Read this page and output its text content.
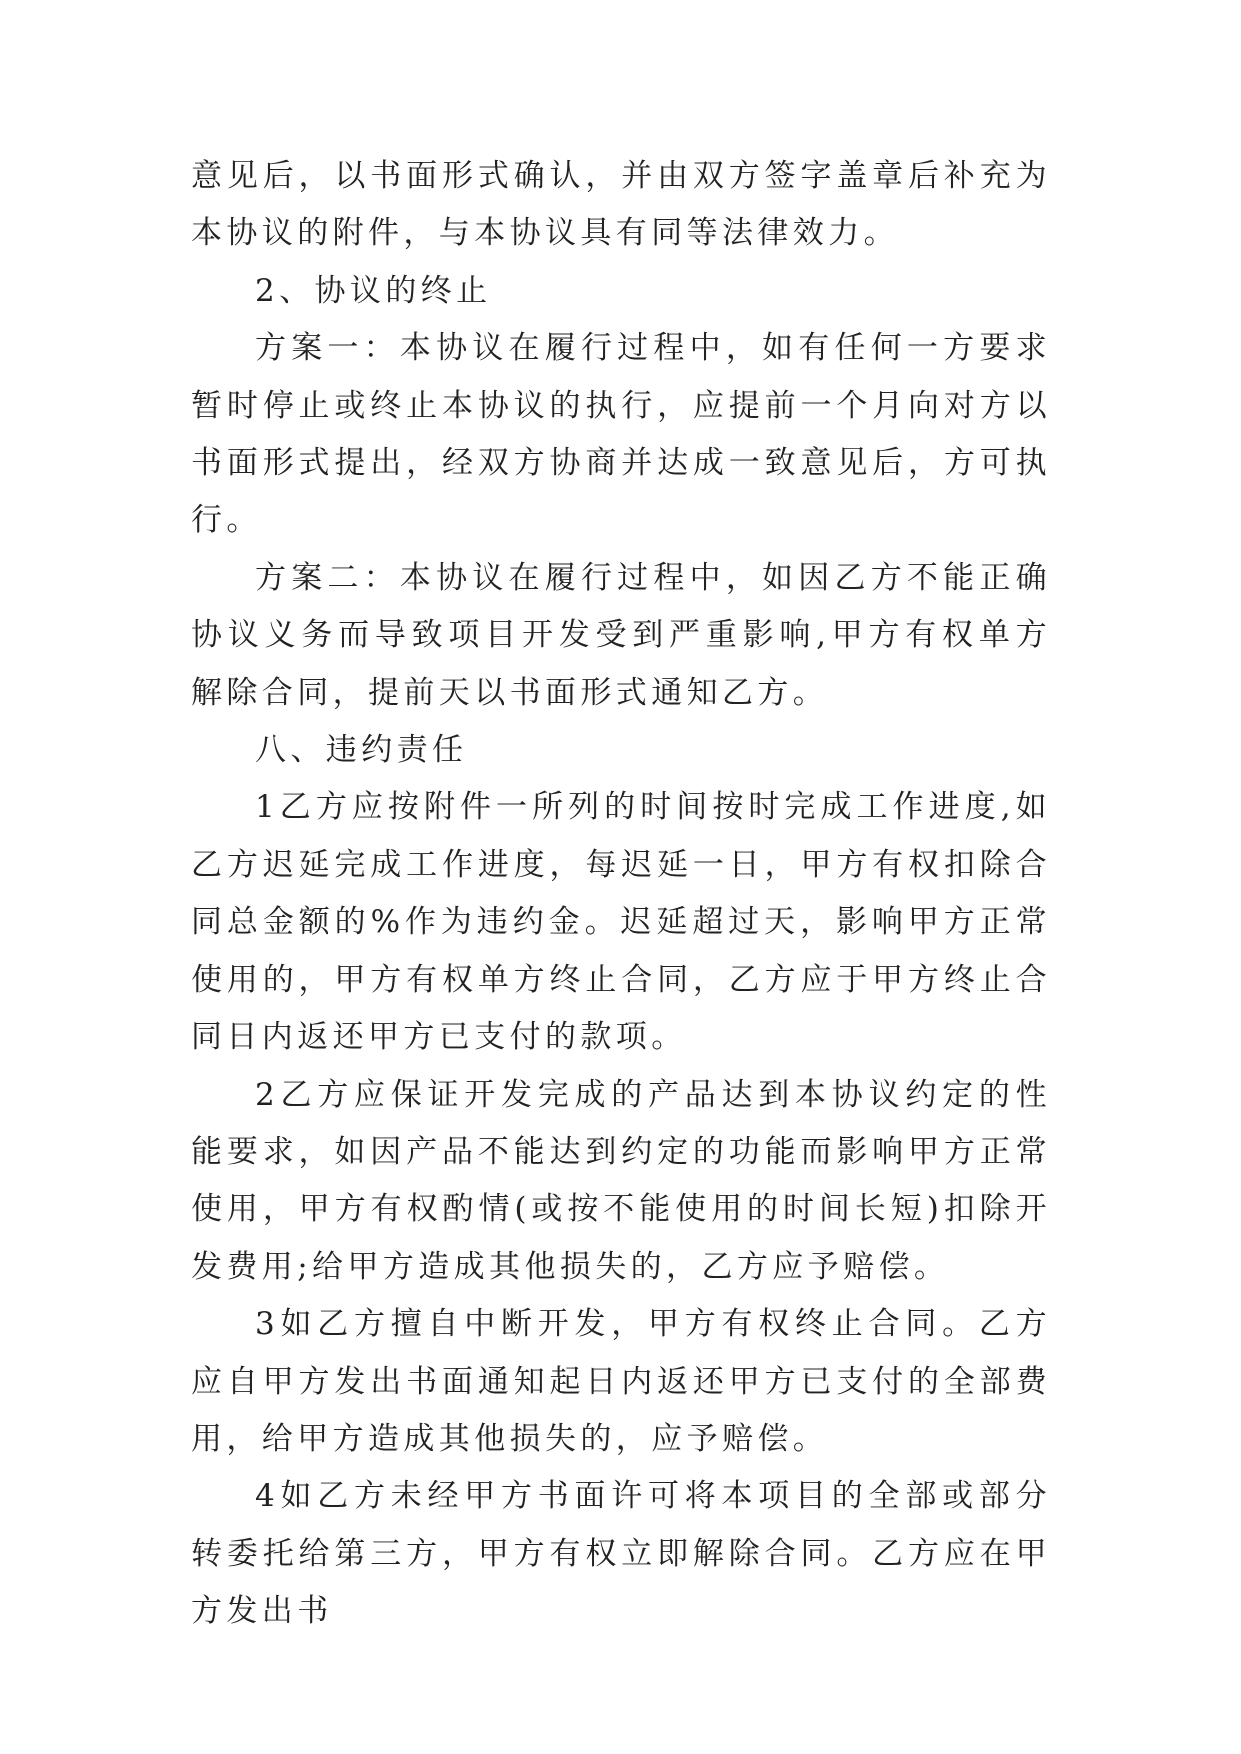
意见后，以书面形式确认，并由双方签字盖章后补充为本协议的附件，与本协议具有同等法律效力。

2、协议的终止

方案一：本协议在履行过程中，如有任何一方要求暂时停止或终止本协议的执行，应提前一个月向对方以书面形式提出，经双方协商并达成一致意见后，方可执行。

方案二：本协议在履行过程中，如因乙方不能正确协议义务而导致项目开发受到严重影响,甲方有权单方解除合同，提前天以书面形式通知乙方。

八、违约责任

1乙方应按附件一所列的时间按时完成工作进度,如乙方迟延完成工作进度，每迟延一日，甲方有权扣除合同总金额的%作为违约金。迟延超过天，影响甲方正常使用的，甲方有权单方终止合同，乙方应于甲方终止合同日内返还甲方已支付的款项。

2乙方应保证开发完成的产品达到本协议约定的性能要求，如因产品不能达到约定的功能而影响甲方正常使用，甲方有权酌情(或按不能使用的时间长短)扣除开发费用;给甲方造成其他损失的，乙方应予赔偿。

3如乙方擅自中断开发，甲方有权终止合同。乙方应自甲方发出书面通知起日内返还甲方已支付的全部费用，给甲方造成其他损失的，应予赔偿。

4如乙方未经甲方书面许可将本项目的全部或部分转委托给第三方，甲方有权立即解除合同。乙方应在甲方发出书
